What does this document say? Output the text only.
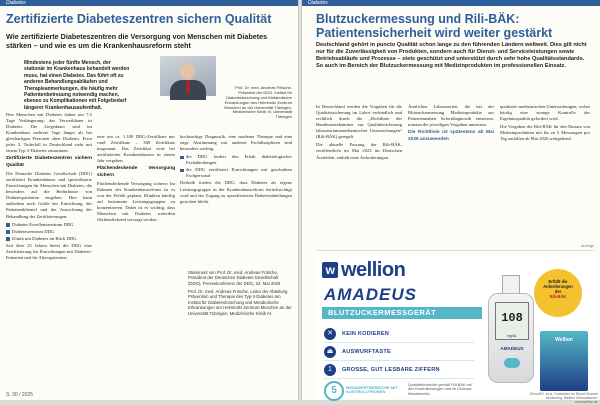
Diabetes
Zertifizierte Diabeteszentren sichern Qualität
Wie zertifizierte Diabeteszentren die Versorgung von Menschen mit Diabetes stärken – und wie es um die Krankenhausreform steht
Mindestens jeder fünfte Mensch, der stationär im Krankenhaus behandelt werden muss, hat einen Diabetes. Das führt oft zu anderen Behandlungsabläufen und Therapieanmerkungen, die häufig mehr Patientenbetreuung notwendig machen, ebenso zu Komplikationen mit Folgebedarf längerer Krankenhausaufenthalt.
Prof. Dr. med. Andreas Fritsche, Präsident der DDG, Institut für Diabetesforschung und Metabolische Erkrankungen des Helmholtz Zentrum München an der Universität Tübingen, Medizinische Klinik IV, Universität Tübingen

Den Menschen mit Diabetes haben um 7,5 Tage Verlängerung: das Verweildauer ist Diabetes. Die Liegedauer sind im Krankenhaus mehrere Tage länger als bei gleichartigen Personen ohne Diabetes. Etwa jeder 3. Todesfall in Deutschland steht mit einem Typ-2-Diabetes zusammen.

Zertifizierte Diabeteszentren sichern Qualität

Die Deutsche Diabetes Gesellschaft (DDG) zertifiziert Krankenhäuser und spezialisierte Einrichtungen für Menschen mit Diabetes, die besonders auf die Bedürfnisse von Diabetespatienten eingehen. Hier kann außerdem nach Größe der Einrichtung, der Patientenklientel und der Ausrichtung der Behandlung der Zertifizierungen:

Diabetes Exzellenzzentrum DDG
Diabeteszentrum DDG
Klinik mit Diabetes im Blick DDG

Seit über 25 Jahren bietet die DDG eine Zertifizierung für Einrichtungen mit Diabetes-Patienten und für Alterspatienten.

eine um ca. 1.100 DDG-Zertifikate nur rund Zertifikate – 300 Zertifikate insgesamt. Das Zertifikat wird bei zertifizierten Krankenhäusern in einem Jahr vergeben.

Flächendeckende Versorgung sichern

Flächendeckende Versorgung sichern: Im Rahmen der Krankenhausreform ist es von der Politik geplant, Kliniken künftig auf bestimmte Leistungsgruppen zu konzentrieren. Dabei ist es wichtig, dass Menschen mit Diabetes weiterhin flächendeckend versorgt werden.

hochsachige Diagnostik, eine moderne Therapie und eine enge Abstimmung mit anderen Fachdisziplinen sind besonders wichtig.

die DDG fordert den Erhalt diabetologischer Fachabteilungen
die DDG zertifiziert Einrichtungen mit geschultem Fachpersonal

Deshalb fordert die DDG, dass Diabetes als eigene Leistungsgruppe in der Krankenhausreform berücksichtigt wird und der Zugang zu spezialisierten Diabetesabteilungen gesichert bleibt.

Statement von Prof. Dr. med. Andreas Fritsche, Präsident der Deutschen Diabetes Gesellschaft (DDG), Pressekonferenz der DDG, 22. Mai 2025

Prof. Dr. med. Andreas Fritsche, Leiter der Abteilung Prävention und Therapie des Typ-2-Diabetes am Institut für Diabetesforschung und Metabolische Erkrankungen am Helmholtz Zentrum München an der Universität Tübingen, Medizinische Klinik IV.

S. 30 / 2025
Diabetes
Blutzuckermessung und Rili-BÄK: Patientensicherheit wird weiter gestärkt
Deutschland gehört in puncto Qualität schon lange zu den führenden Ländern weltweit. Dies gilt nicht nur für die Zuverlässigkeit von Produkten, sondern auch für Dienst- und Serviceleistungen sowie Betriebsabläufe und Prozesse – stets geschützt und unterstützt durch sehr hohe Qualitätsstandards. So auch im Bereich der Blutzuckermessung mit Medizinprodukten im professionellen Einsatz.

In Deutschland werden die Vorgaben für die Qualitätssicherung im Labor verbindlich und rechtlich durch die „Richtlinie der Bundesärztekammer zur Qualitätssicherung laboratoriumsmedizinischer Untersuchungen“ (Rili-BÄK) geregelt.

Die aktuelle Fassung der Rili-BÄK, veröffentlicht im Mai 2023 im Deutschen Ärzteblatt, enthält neue Anforderungen.

Ärztlichen Laboratorien, die bei der Blutzuckermessung Medizinprodukte zur Patientennahen Sofortdiagnostik einsetzen, müssen die jeweiligen Vorgaben umsetzen.

Die Richtlinie ist spätestens ab Mai 2026 anzuwenden

qualitativ medizinischen Untersuchungen, wobei häufig eine strenge Kontrolle der Ergebnisqualität gefordert wird.

Die Vorgaben der Rili-BÄK für den Einsatz von Medizinprodukten mit bis zu 5 Messungen pro Tag entfallen ab Mai 2026 weitgehend.

Anzeige
w wellion
AMADEUS
BLUTZUCKERMESSGERÄT
✕	KEIN KODIEREN
⏏	AUSWURFTASTE
1	GROSSE, GUT LESBARE ZIFFERN
5	MESSWERTBEREICHE MIT KONTROLLPROBEN
Qualitätskontrolle gemäß Rili-BÄK mit den Kontrolllösungen und im Glukose-Messbereich.
108
mg/dL
AMADEUS
Erfüllt die
Anforderungen
der
Rili-BÄK
Wellion
Klonoff D. et al. Guidelines for Blood Glucose Monitoring. Weitere Informationen: www.wellion.de
